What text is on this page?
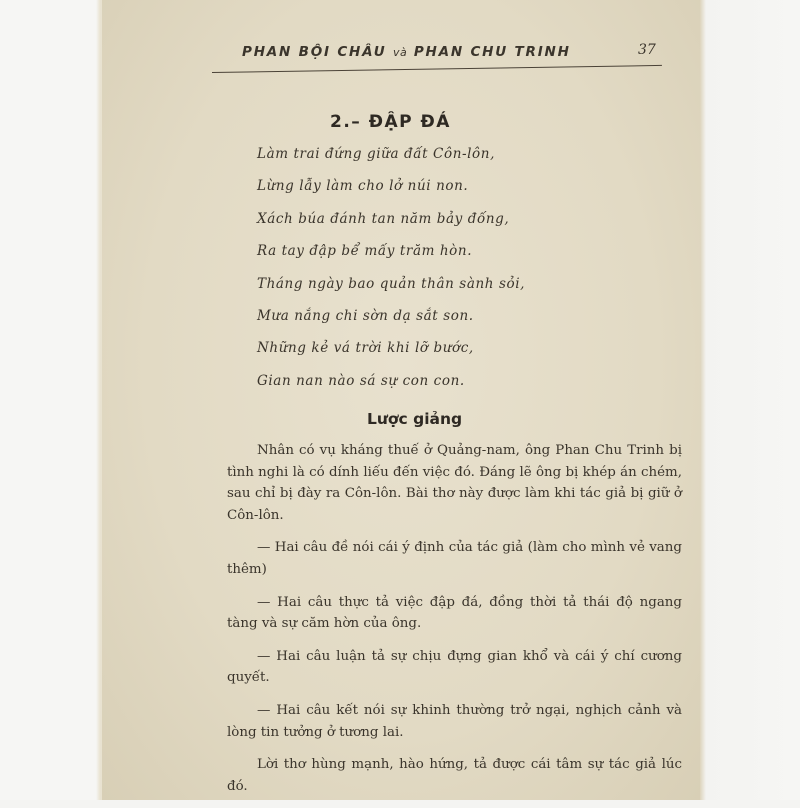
PHAN BỘI CHÂU và PHAN CHU TRINH	37
2.– ĐẬP ĐÁ
Làm trai đứng giữa đất Côn-lôn,
Lừng lẫy làm cho lở núi non.
Xách búa đánh tan năm bảy đống,
Ra tay đập bể mấy trăm hòn.
Tháng ngày bao quản thân sành sỏi,
Mưa nắng chi sờn dạ sắt son.
Những kẻ vá trời khi lỡ bước,
Gian nan nào sá sự con con.
Lược giảng

Nhân có vụ kháng thuế ở Quảng-nam, ông Phan Chu Trinh bị tình nghi là có dính liếu đến việc đó. Đáng lẽ ông bị khép án chém, sau chỉ bị đày ra Côn-lôn. Bài thơ này được làm khi tác giả bị giữ ở Côn-lôn.

— Hai câu đề nói cái ý định của tác giả (làm cho mình vẻ vang thêm)

— Hai câu thực tả việc đập đá, đồng thời tả thái độ ngang tàng và sự căm hờn của ông.

— Hai câu luận tả sự chịu đựng gian khổ và cái ý chí cương quyết.

— Hai câu kết nói sự khinh thường trở ngại, nghịch cảnh và lòng tin tưởng ở tương lai.

Lời thơ hùng mạnh, hào hứng, tả được cái tâm sự tác giả lúc đó.
